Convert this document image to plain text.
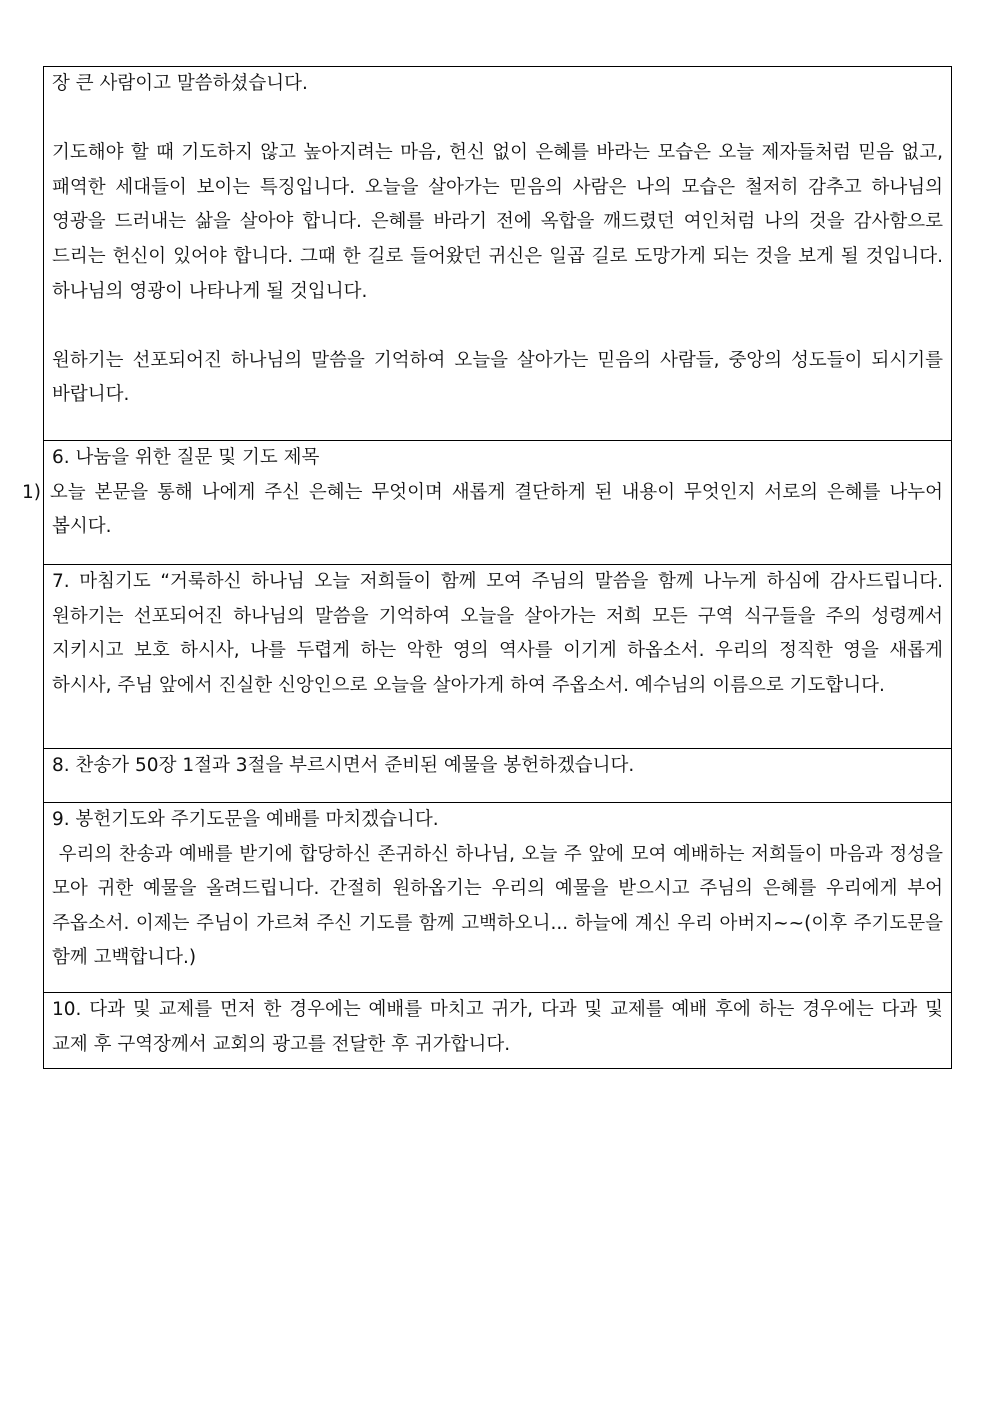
장 큰 사람이고 말씀하셨습니다.

기도해야 할 때 기도하지 않고 높아지려는 마음, 헌신 없이 은혜를 바라는 모습은 오늘 제자들처럼 믿음 없고, 패역한 세대들이 보이는 특징입니다. 오늘을 살아가는 믿음의 사람은 나의 모습은 철저히 감추고 하나님의 영광을 드러내는 삶을 살아야 합니다. 은혜를 바라기 전에 옥합을 깨드렸던 여인처럼 나의 것을 감사함으로 드리는 헌신이 있어야 합니다. 그때 한 길로 들어왔던 귀신은 일곱 길로 도망가게 되는 것을 보게 될 것입니다. 하나님의 영광이 나타나게 될 것입니다.

원하기는 선포되어진 하나님의 말씀을 기억하여 오늘을 살아가는 믿음의 사람들, 중앙의 성도들이 되시기를 바랍니다.

6. 나눔을 위한 질문 및 기도 제목

1) 오늘 본문을 통해 나에게 주신 은혜는 무엇이며 새롭게 결단하게 된 내용이 무엇인지 서로의 은혜를 나누어 봅시다.

7. 마침기도 “거룩하신 하나님 오늘 저희들이 함께 모여 주님의 말씀을 함께 나누게 하심에 감사드립니다. 원하기는 선포되어진 하나님의 말씀을 기억하여 오늘을 살아가는 저희 모든 구역 식구들을 주의 성령께서 지키시고 보호 하시사, 나를 두렵게 하는 악한 영의 역사를 이기게 하옵소서. 우리의 정직한 영을 새롭게 하시사, 주님 앞에서 진실한 신앙인으로 오늘을 살아가게 하여 주옵소서. 예수님의 이름으로 기도합니다.

8. 찬송가 50장 1절과 3절을 부르시면서 준비된 예물을 봉헌하겠습니다.

9. 봉헌기도와 주기도문을 예배를 마치겠습니다.

우리의 찬송과 예배를 받기에 합당하신 존귀하신 하나님, 오늘 주 앞에 모여 예배하는 저희들이 마음과 정성을 모아 귀한 예물을 올려드립니다. 간절히 원하옵기는 우리의 예물을 받으시고 주님의 은혜를 우리에게 부어 주옵소서. 이제는 주님이 가르쳐 주신 기도를 함께 고백하오니... 하늘에 계신 우리 아버지~~(이후 주기도문을 함께 고백합니다.)

10. 다과 및 교제를 먼저 한 경우에는 예배를 마치고 귀가, 다과 및 교제를 예배 후에 하는 경우에는 다과 및 교제 후 구역장께서 교회의 광고를 전달한 후 귀가합니다.
